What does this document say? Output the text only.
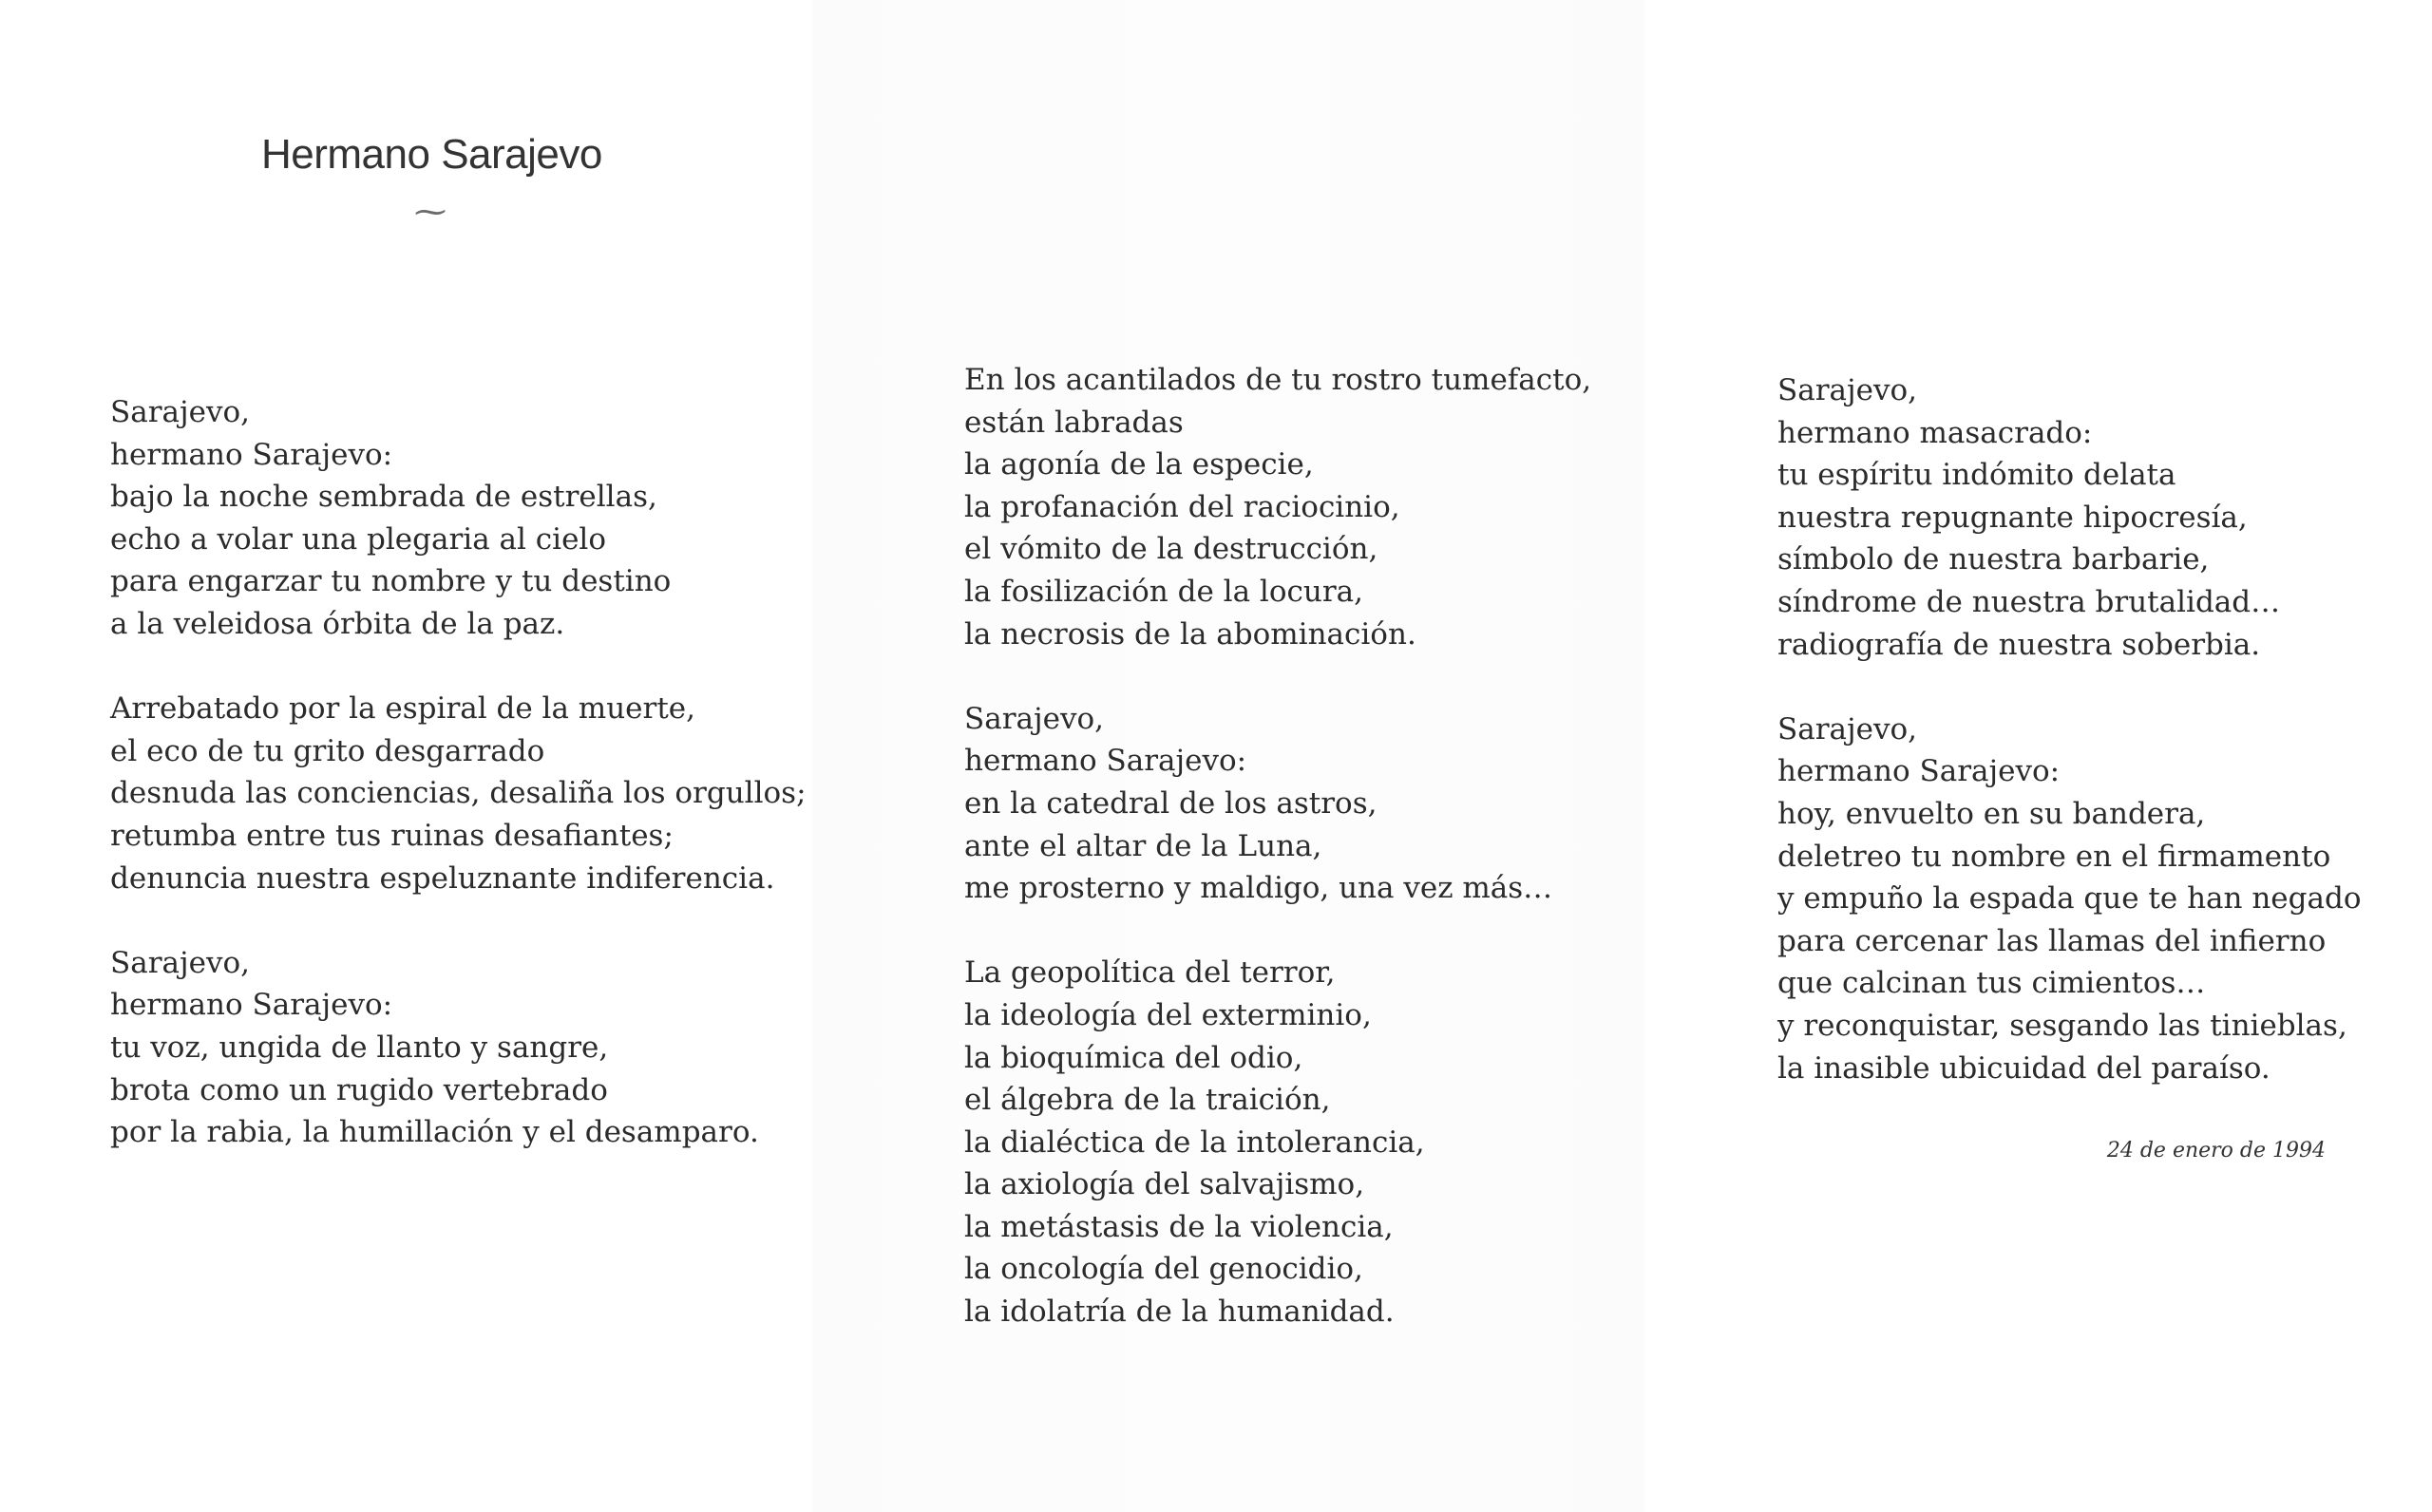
Hermano Sarajevo
⁓
Sarajevo,
hermano Sarajevo:
bajo la noche sembrada de estrellas,
echo a volar una plegaria al cielo
para engarzar tu nombre y tu destino
a la veleidosa órbita de la paz.
Arrebatado por la espiral de la muerte,
el eco de tu grito desgarrado
desnuda las conciencias, desaliña los orgullos;
retumba entre tus ruinas desafiantes;
denuncia nuestra espeluznante indiferencia.
Sarajevo,
hermano Sarajevo:
tu voz, ungida de llanto y sangre,
brota como un rugido vertebrado
por la rabia, la humillación y el desamparo.
En los acantilados de tu rostro tumefacto,
están labradas
la agonía de la especie,
la profanación del raciocinio,
el vómito de la destrucción,
la fosilización de la locura,
la necrosis de la abominación.
Sarajevo,
hermano Sarajevo:
en la catedral de los astros,
ante el altar de la Luna,
me prosterno y maldigo, una vez más…
La geopolítica del terror,
la ideología del exterminio,
la bioquímica del odio,
el álgebra de la traición,
la dialéctica de la intolerancia,
la axiología del salvajismo,
la metástasis de la violencia,
la oncología del genocidio,
la idolatría de la humanidad.
Sarajevo,
hermano masacrado:
tu espíritu indómito delata
nuestra repugnante hipocresía,
símbolo de nuestra barbarie,
síndrome de nuestra brutalidad…
radiografía de nuestra soberbia.
Sarajevo,
hermano Sarajevo:
hoy, envuelto en su bandera,
deletreo tu nombre en el firmamento
y empuño la espada que te han negado
para cercenar las llamas del infierno
que calcinan tus cimientos…
y reconquistar, sesgando las tinieblas,
la inasible ubicuidad del paraíso.
24 de enero de 1994
